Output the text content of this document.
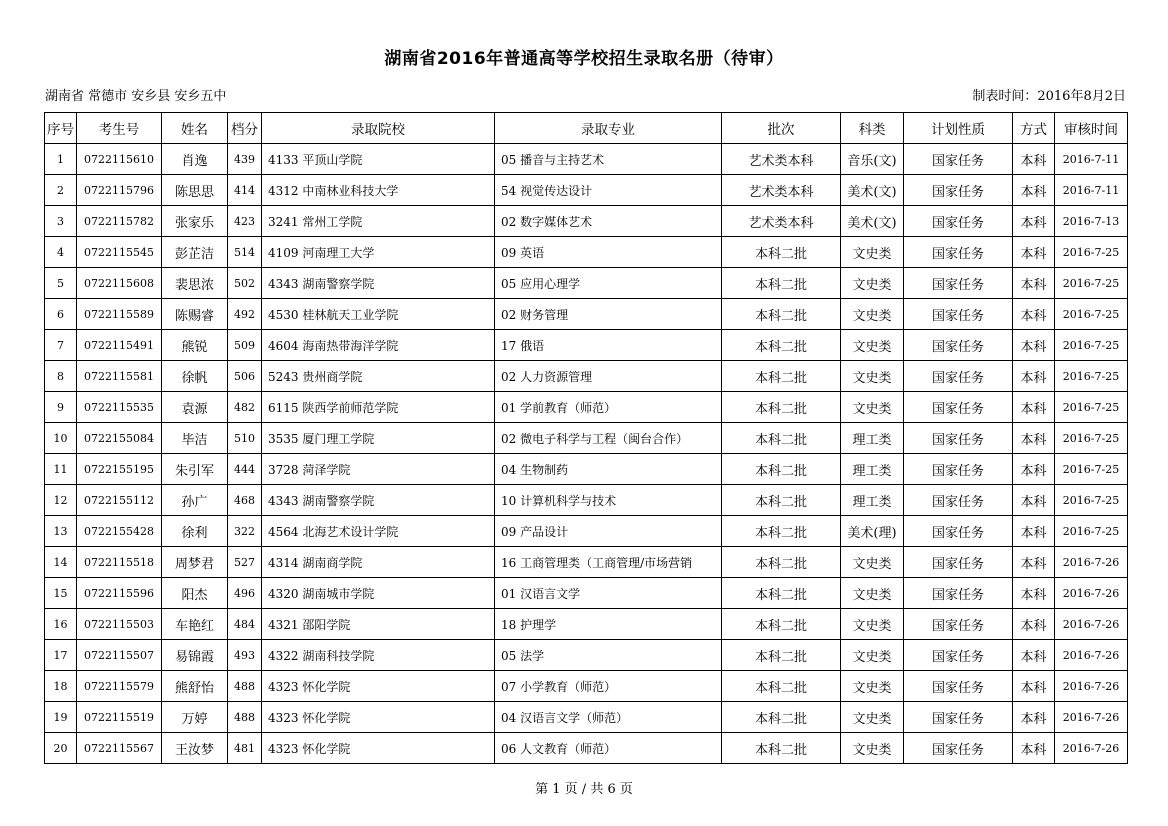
湖南省2016年普通高等学校招生录取名册（待审）
湖南省 常德市 安乡县 安乡五中	制表时间：2016年8月2日
序号	考生号	姓名	档分	录取院校	录取专业	批次	科类	计划性质	方式	审核时间
1	0722115610	肖逸	439	4133 平顶山学院	05 播音与主持艺术	艺术类本科	音乐(文)	国家任务	本科	2016-7-11
2	0722115796	陈思思	414	4312 中南林业科技大学	54 视觉传达设计	艺术类本科	美术(文)	国家任务	本科	2016-7-11
3	0722115782	张家乐	423	3241 常州工学院	02 数字媒体艺术	艺术类本科	美术(文)	国家任务	本科	2016-7-13
4	0722115545	彭芷洁	514	4109 河南理工大学	09 英语	本科二批	文史类	国家任务	本科	2016-7-25
5	0722115608	裴思浓	502	4343 湖南警察学院	05 应用心理学	本科二批	文史类	国家任务	本科	2016-7-25
6	0722115589	陈赐睿	492	4530 桂林航天工业学院	02 财务管理	本科二批	文史类	国家任务	本科	2016-7-25
7	0722115491	熊锐	509	4604 海南热带海洋学院	17 俄语	本科二批	文史类	国家任务	本科	2016-7-25
8	0722115581	徐帆	506	5243 贵州商学院	02 人力资源管理	本科二批	文史类	国家任务	本科	2016-7-25
9	0722115535	袁源	482	6115 陕西学前师范学院	01 学前教育（师范）	本科二批	文史类	国家任务	本科	2016-7-25
10	0722155084	毕洁	510	3535 厦门理工学院	02 微电子科学与工程（闽台合作）	本科二批	理工类	国家任务	本科	2016-7-25
11	0722155195	朱引军	444	3728 菏泽学院	04 生物制药	本科二批	理工类	国家任务	本科	2016-7-25
12	0722155112	孙广	468	4343 湖南警察学院	10 计算机科学与技术	本科二批	理工类	国家任务	本科	2016-7-25
13	0722155428	徐利	322	4564 北海艺术设计学院	09 产品设计	本科二批	美术(理)	国家任务	本科	2016-7-25
14	0722115518	周梦君	527	4314 湖南商学院	16 工商管理类（工商管理/市场营销	本科二批	文史类	国家任务	本科	2016-7-26
15	0722115596	阳杰	496	4320 湖南城市学院	01 汉语言文学	本科二批	文史类	国家任务	本科	2016-7-26
16	0722115503	车艳红	484	4321 邵阳学院	18 护理学	本科二批	文史类	国家任务	本科	2016-7-26
17	0722115507	易锦霞	493	4322 湖南科技学院	05 法学	本科二批	文史类	国家任务	本科	2016-7-26
18	0722115579	熊舒怡	488	4323 怀化学院	07 小学教育（师范）	本科二批	文史类	国家任务	本科	2016-7-26
19	0722115519	万婷	488	4323 怀化学院	04 汉语言文学（师范）	本科二批	文史类	国家任务	本科	2016-7-26
20	0722115567	王汝梦	481	4323 怀化学院	06 人文教育（师范）	本科二批	文史类	国家任务	本科	2016-7-26
第 1 页 / 共 6 页
